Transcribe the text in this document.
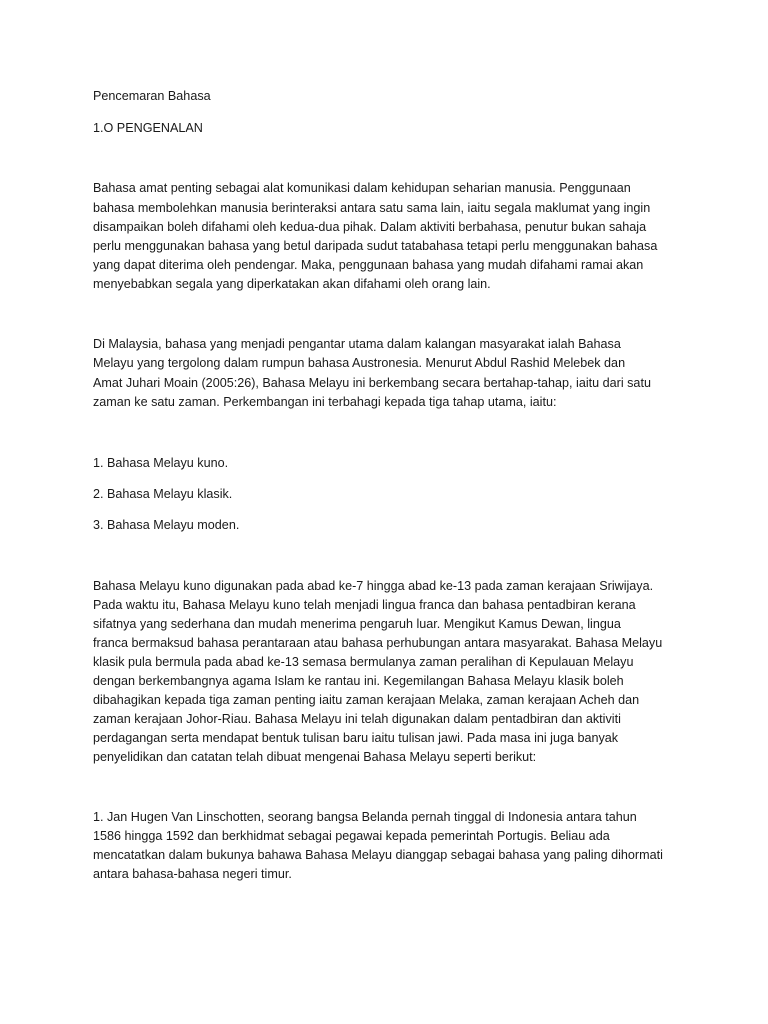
Pencemaran Bahasa
1.O PENGENALAN
Bahasa amat penting sebagai alat komunikasi dalam kehidupan seharian manusia. Penggunaan
bahasa membolehkan manusia berinteraksi antara satu sama lain, iaitu segala maklumat yang ingin
disampaikan boleh difahami oleh kedua-dua pihak. Dalam aktiviti berbahasa, penutur bukan sahaja
perlu menggunakan bahasa yang betul daripada sudut tatabahasa tetapi perlu menggunakan bahasa
yang dapat diterima oleh pendengar. Maka, penggunaan bahasa yang mudah difahami ramai akan
menyebabkan segala yang diperkatakan akan difahami oleh orang lain.
Di Malaysia, bahasa yang menjadi pengantar utama dalam kalangan masyarakat ialah Bahasa
Melayu yang tergolong dalam rumpun bahasa Austronesia. Menurut Abdul Rashid Melebek dan
Amat Juhari Moain (2005:26), Bahasa Melayu ini berkembang secara bertahap-tahap, iaitu dari satu
zaman ke satu zaman. Perkembangan ini terbahagi kepada tiga tahap utama, iaitu:
1. Bahasa Melayu kuno.
2. Bahasa Melayu klasik.
3. Bahasa Melayu moden.
Bahasa Melayu kuno digunakan pada abad ke-7 hingga abad ke-13 pada zaman kerajaan Sriwijaya.
Pada waktu itu, Bahasa Melayu kuno telah menjadi lingua franca dan bahasa pentadbiran kerana
sifatnya yang sederhana dan mudah menerima pengaruh luar. Mengikut Kamus Dewan, lingua
franca bermaksud bahasa perantaraan atau bahasa perhubungan antara masyarakat. Bahasa Melayu
klasik pula bermula pada abad ke-13 semasa bermulanya zaman peralihan di Kepulauan Melayu
dengan berkembangnya agama Islam ke rantau ini. Kegemilangan Bahasa Melayu klasik boleh
dibahagikan kepada tiga zaman penting iaitu zaman kerajaan Melaka, zaman kerajaan Acheh dan
zaman kerajaan Johor-Riau. Bahasa Melayu ini telah digunakan dalam pentadbiran dan aktiviti
perdagangan serta mendapat bentuk tulisan baru iaitu tulisan jawi. Pada masa ini juga banyak
penyelidikan dan catatan telah dibuat mengenai Bahasa Melayu seperti berikut:
1. Jan Hugen Van Linschotten, seorang bangsa Belanda pernah tinggal di Indonesia antara tahun
1586 hingga 1592 dan berkhidmat sebagai pegawai kepada pemerintah Portugis. Beliau ada
mencatatkan dalam bukunya bahawa Bahasa Melayu dianggap sebagai bahasa yang paling dihormati
antara bahasa-bahasa negeri timur.
